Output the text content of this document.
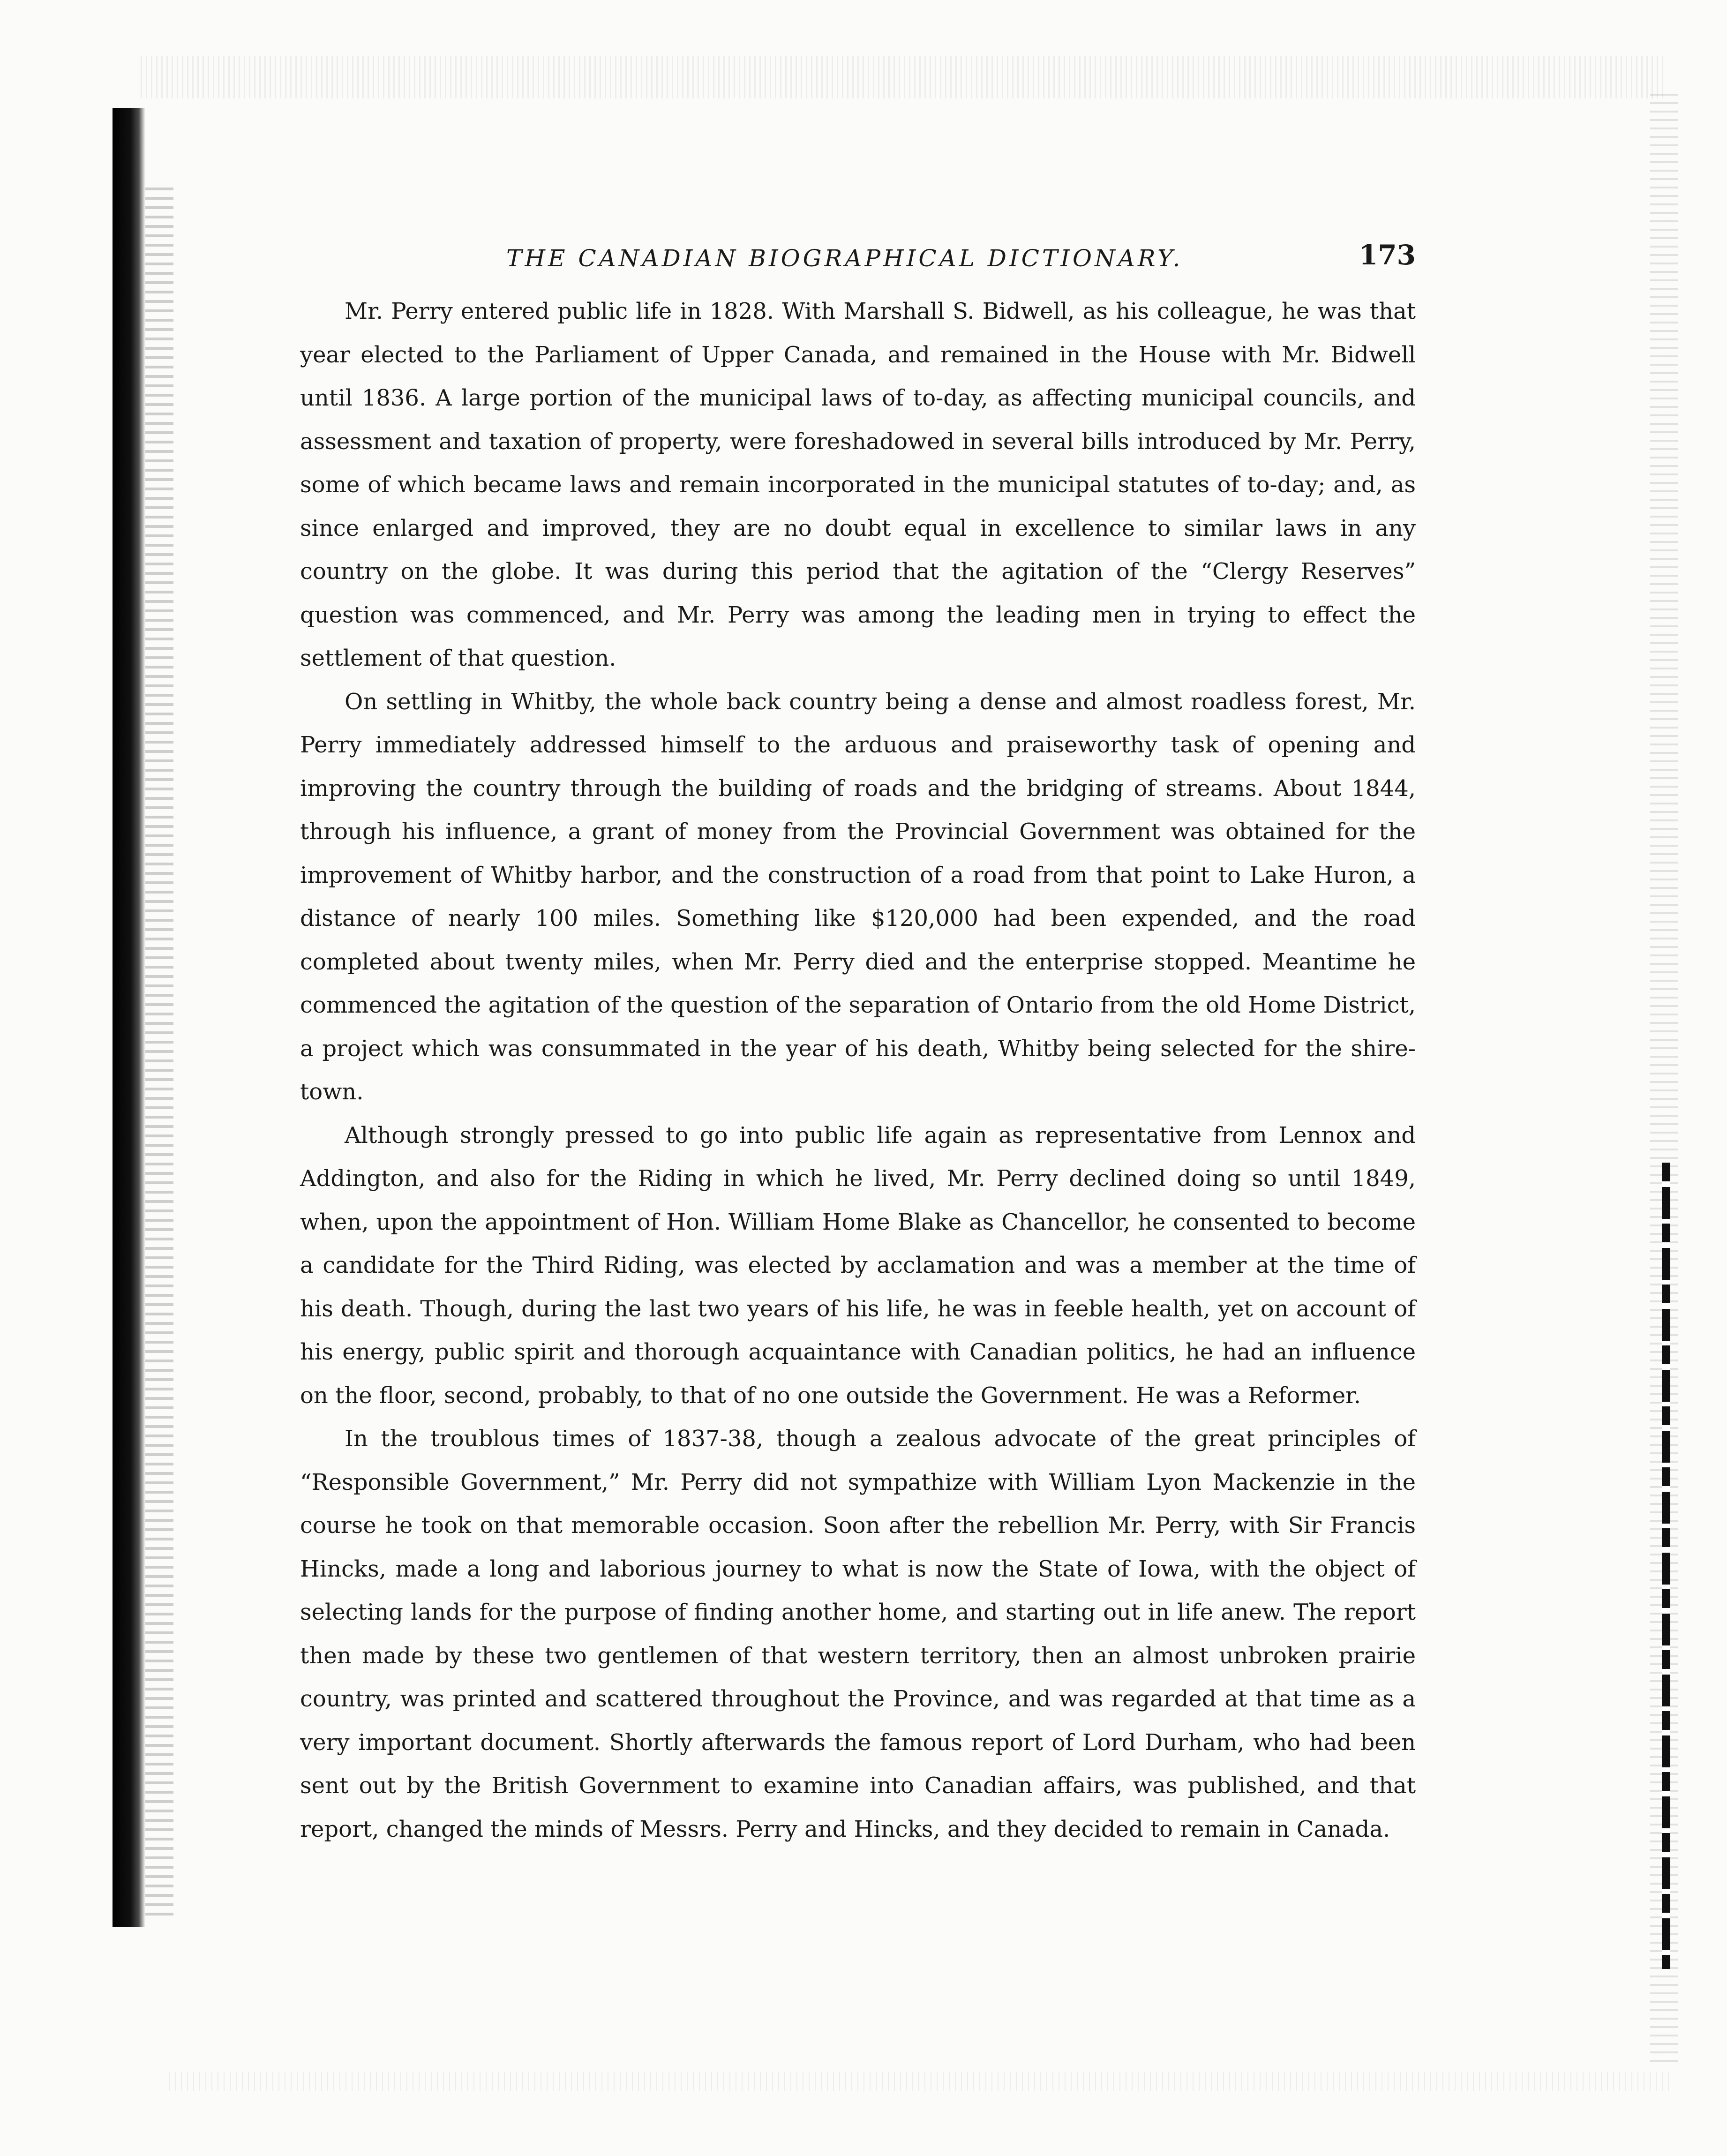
THE CANADIAN BIOGRAPHICAL DICTIONARY.	173

Mr. Perry entered public life in 1828. With Marshall S. Bidwell, as his colleague, he was that year elected to the Parliament of Upper Canada, and remained in the House with Mr. Bidwell until 1836. A large portion of the municipal laws of to-day, as affecting municipal councils, and assessment and taxation of property, were foreshadowed in several bills introduced by Mr. Perry, some of which became laws and remain incorporated in the municipal statutes of to-day; and, as since enlarged and improved, they are no doubt equal in excellence to similar laws in any country on the globe. It was during this period that the agitation of the “Clergy Reserves” question was commenced, and Mr. Perry was among the leading men in trying to effect the settlement of that question.

On settling in Whitby, the whole back country being a dense and almost roadless forest, Mr. Perry immediately addressed himself to the arduous and praiseworthy task of opening and improving the country through the building of roads and the bridging of streams. About 1844, through his influence, a grant of money from the Provincial Government was obtained for the improvement of Whitby harbor, and the construction of a road from that point to Lake Huron, a distance of nearly 100 miles. Something like $120,000 had been expended, and the road completed about twenty miles, when Mr. Perry died and the enterprise stopped. Meantime he commenced the agitation of the question of the separation of Ontario from the old Home District, a project which was consummated in the year of his death, Whitby being selected for the shire-town.

Although strongly pressed to go into public life again as representative from Lennox and Addington, and also for the Riding in which he lived, Mr. Perry declined doing so until 1849, when, upon the appointment of Hon. William Home Blake as Chancellor, he consented to become a candidate for the Third Riding, was elected by acclamation and was a member at the time of his death. Though, during the last two years of his life, he was in feeble health, yet on account of his energy, public spirit and thorough acquaintance with Canadian politics, he had an influence on the floor, second, probably, to that of no one outside the Government. He was a Reformer.

In the troublous times of 1837-38, though a zealous advocate of the great principles of “Responsible Government,” Mr. Perry did not sympathize with William Lyon Mackenzie in the course he took on that memorable occasion. Soon after the rebellion Mr. Perry, with Sir Francis Hincks, made a long and laborious journey to what is now the State of Iowa, with the object of selecting lands for the purpose of finding another home, and starting out in life anew. The report then made by these two gentlemen of that western territory, then an almost unbroken prairie country, was printed and scattered throughout the Province, and was regarded at that time as a very important document. Shortly afterwards the famous report of Lord Durham, who had been sent out by the British Government to examine into Canadian affairs, was published, and that report, changed the minds of Messrs. Perry and Hincks, and they decided to remain in Canada.
